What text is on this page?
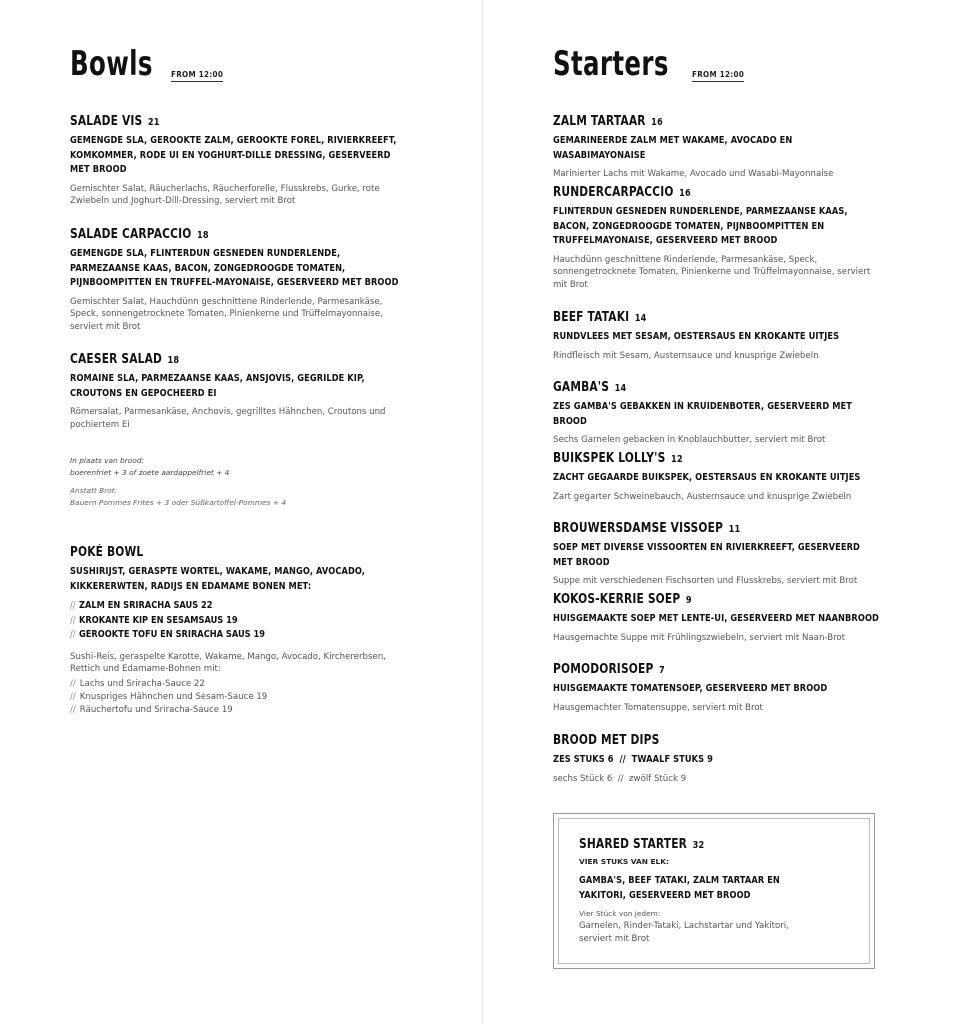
Bowls FROM 12:00
SALADE VIS 21
GEMENGDE SLA, GEROOKTE ZALM, GEROOKTE FOREL, RIVIERKREEFT, KOMKOMMER, RODE UI EN YOGHURT-DILLE DRESSING, GESERVEERD MET BROOD
Gemischter Salat, Räucherlachs, Räucherforelle, Flusskrebs, Gurke, rote Zwiebeln und Joghurt-Dill-Dressing, serviert mit Brot
SALADE CARPACCIO 18
GEMENGDE SLA, FLINTERDUN GESNEDEN RUNDERLENDE, PARMEZAANSE KAAS, BACON, ZONGEDROOGDE TOMATEN, PIJNBOOMPITTEN EN TRUFFEL-MAYONAISE, GESERVEERD MET BROOD
Gemischter Salat, Hauchdünn geschnittene Rinderlende, Parmesankäse, Speck, sonnengetrocknete Tomaten, Pinienkerne und Trüffelmayonnaise, serviert mit Brot
CAESER SALAD 18
ROMAINE SLA, PARMEZAANSE KAAS, ANSJOVIS, GEGRILDE KIP, CROUTONS EN GEPOCHEERD EI
Römersalat, Parmesankäse, Anchovis, gegrilltes Hähnchen, Croutons und pochiertem Ei
In plaats van brood:
boerenfriet + 3 of zoete aardappelfriet + 4
Anstatt Brot:
Bauern Pommes Frites + 3 oder Süßkartoffel-Pommes + 4
POKÉ BOWL
SUSHIRIJST, GERASPTE WORTEL, WAKAME, MANGO, AVOCADO, KIKKERERWTEN, RADIJS EN EDAMAME BONEN MET:
// ZALM EN SRIRACHA SAUS 22
// KROKANTE KIP EN SESAMSAUS 19
// GEROOKTE TOFU EN SRIRACHA SAUS 19
Sushi-Reis, geraspelte Karotte, Wakame, Mango, Avocado, Kirchererbsen, Rettich und Edamame-Bohnen mit:
// Lachs und Sriracha-Sauce 22
// Knuspriges Hähnchen und Sesam-Sauce 19
// Räuchertofu und Sriracha-Sauce 19
Starters	FROM 12:00
ZALM TARTAAR 16
GEMARINEERDE ZALM MET WAKAME, AVOCADO EN WASABIMAYONAISE
Marinierter Lachs mit Wakame, Avocado und Wasabi-Mayonnaise
RUNDERCARPACCIO 16
FLINTERDUN GESNEDEN RUNDERLENDE, PARMEZAANSE KAAS, BACON, ZONGEDROOGDE TOMATEN, PIJNBOOMPITTEN EN TRUFFELMAYONAISE, GESERVEERD MET BROOD
Hauchdünn geschnittene Rinderlende, Parmesankäse, Speck, sonnengetrocknete Tomaten, Pinienkerne und Trüffelmayonnaise, serviert mit Brot
BEEF TATAKI 14
RUNDVLEES MET SESAM, OESTERSAUS EN KROKANTE UITJES
Rindfleisch mit Sesam, Austernsauce und knusprige Zwiebeln
GAMBA'S 14
ZES GAMBA'S GEBAKKEN IN KRUIDENBOTER, GESERVEERD MET BROOD
Sechs Garnelen gebacken in Knoblauchbutter, serviert mit Brot
BUIKSPEK LOLLY'S 12
ZACHT GEGAARDE BUIKSPEK, OESTERSAUS EN KROKANTE UITJES
Zart gegarter Schweinebauch, Austernsauce und knusprige Zwiebeln
BROUWERSDAMSE VISSOEP 11
SOEP MET DIVERSE VISSOORTEN EN RIVIERKREEFT, GESERVEERD MET BROOD
Suppe mit verschiedenen Fischsorten und Flusskrebs, serviert mit Brot
KOKOS-KERRIE SOEP 9
HUISGEMAAKTE SOEP MET LENTE-UI, GESERVEERD MET NAANBROOD
Hausgemachte Suppe mit Frühlingszwiebeln, serviert mit Naan-Brot
POMODORISOEP 7
HUISGEMAAKTE TOMATENSOEP, GESERVEERD MET BROOD
Hausgemachter Tomatensuppe, serviert mit Brot
BROOD MET DIPS
ZES STUKS 6  //  TWAALF STUKS 9
sechs Stück 6  //  zwölf Stück 9
SHARED STARTER 32
VIER STUKS VAN ELK:
GAMBA'S, BEEF TATAKI, ZALM TARTAAR EN YAKITORI, GESERVEERD MET BROOD
Vier Stück von jedem:
Garnelen, Rinder-Tataki, Lachstartar und Yakitori, serviert mit Brot
